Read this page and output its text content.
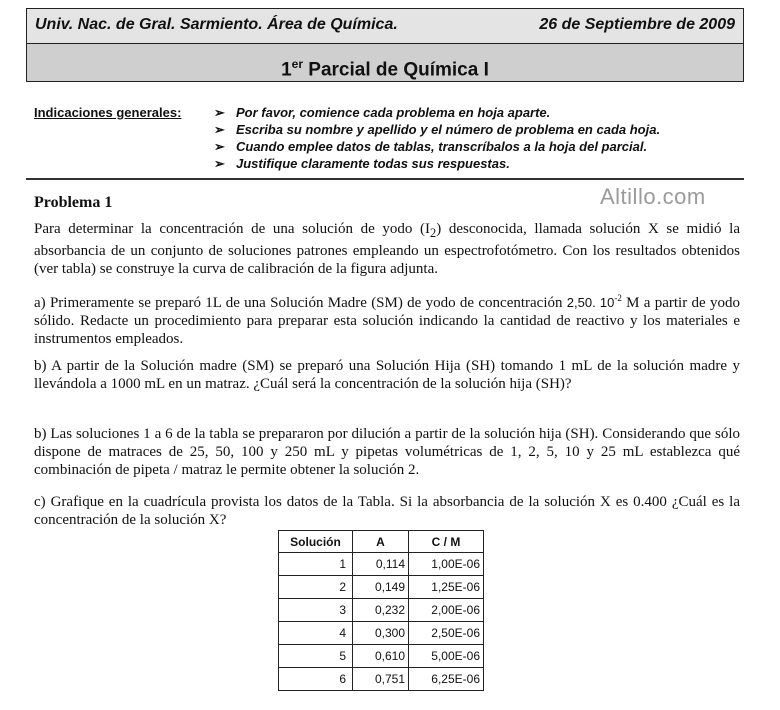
Univ. Nac. de Gral. Sarmiento. Área de Química.	26 de Septiembre de 2009
1er Parcial de Química I
Indicaciones generales:	➢ Por favor, comience cada problema en hoja aparte.
➢ Escriba su nombre y apellido y el número de problema en cada hoja.
➢ Cuando emplee datos de tablas, transcríbalos a la hoja del parcial.
➢ Justifique claramente todas sus respuestas.
Altillo.com
Problema 1

Para determinar la concentración de una solución de yodo $(I_2)$ desconocida, llamada solución X se midió la absorbancia de un conjunto de soluciones patrones empleando un espectrofotómetro. Con los resultados obtenidos (ver tabla) se construye la curva de calibración de la figura adjunta.

a) Primeramente se preparó 1L de una Solución Madre (SM) de yodo de concentración 2,50. $10^{-2}$ M a partir de yodo sólido. Redacte un procedimiento para preparar esta solución indicando la cantidad de reactivo y los materiales e instrumentos empleados.

b) A partir de la Solución madre (SM) se preparó una Solución Hija (SH) tomando 1 mL de la solución madre y llevándola a 1000 mL en un matraz. ¿Cuál será la concentración de la solución hija (SH)?

b) Las soluciones 1 a 6 de la tabla se prepararon por dilución a partir de la solución hija (SH). Considerando que sólo dispone de matraces de 25, 50, 100 y 250 mL y pipetas volumétricas de 1, 2, 5, 10 y 25 mL establezca qué combinación de pipeta / matraz le permite obtener la solución 2.

c) Grafique en la cuadrícula provista los datos de la Tabla. Si la absorbancia de la solución X es 0.400 ¿Cuál es la concentración de la solución X?

Solución	A	C / M
1	0,114	1,00E-06
2	0,149	1,25E-06
3	0,232	2,00E-06
4	0,300	2,50E-06
5	0,610	5,00E-06
6	0,751	6,25E-06
